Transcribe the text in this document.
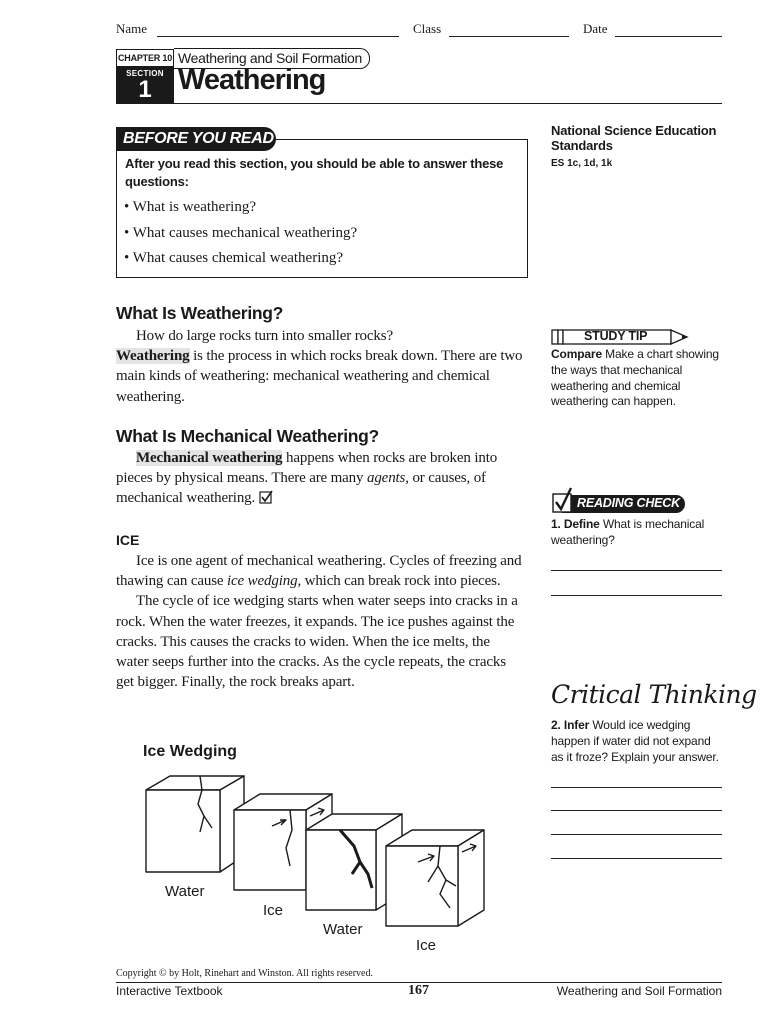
Name	Class	Date
CHAPTER 10 Weathering and Soil Formation
SECTION
1 Weathering
BEFORE YOU READ
After you read this section, you should be able to answer these questions:
• What is weathering?
• What causes mechanical weathering?
• What causes chemical weathering?
National Science Education Standards
ES 1c, 1d, 1k
What Is Weathering?

How do large rocks turn into smaller rocks?
Weathering is the process in which rocks break down. There are two main kinds of weathering: mechanical weathering and chemical weathering.

What Is Mechanical Weathering?

Mechanical weathering happens when rocks are broken into pieces by physical means. There are many agents, or causes, of mechanical weathering.

ICE

Ice is one agent of mechanical weathering. Cycles of freezing and thawing can cause ice wedging, which can break rock into pieces.

The cycle of ice wedging starts when water seeps into cracks in a rock. When the water freezes, it expands. The ice pushes against the cracks. This causes the cracks to widen. When the ice melts, the water seeps further into the cracks. As the cycle repeats, the cracks get bigger. Finally, the rock breaks apart.

STUDY TIP
Compare Make a chart showing the ways that mechanical weathering and chemical weathering can happen.
READING CHECK
1. Define What is mechanical weathering?
Critical Thinking
2. Infer Would ice wedging happen if water did not expand as it froze? Explain your answer.
Ice Wedging
Water
Ice
Water
Ice
Copyright © by Holt, Rinehart and Winston. All rights reserved.
Interactive Textbook	167	Weathering and Soil Formation
